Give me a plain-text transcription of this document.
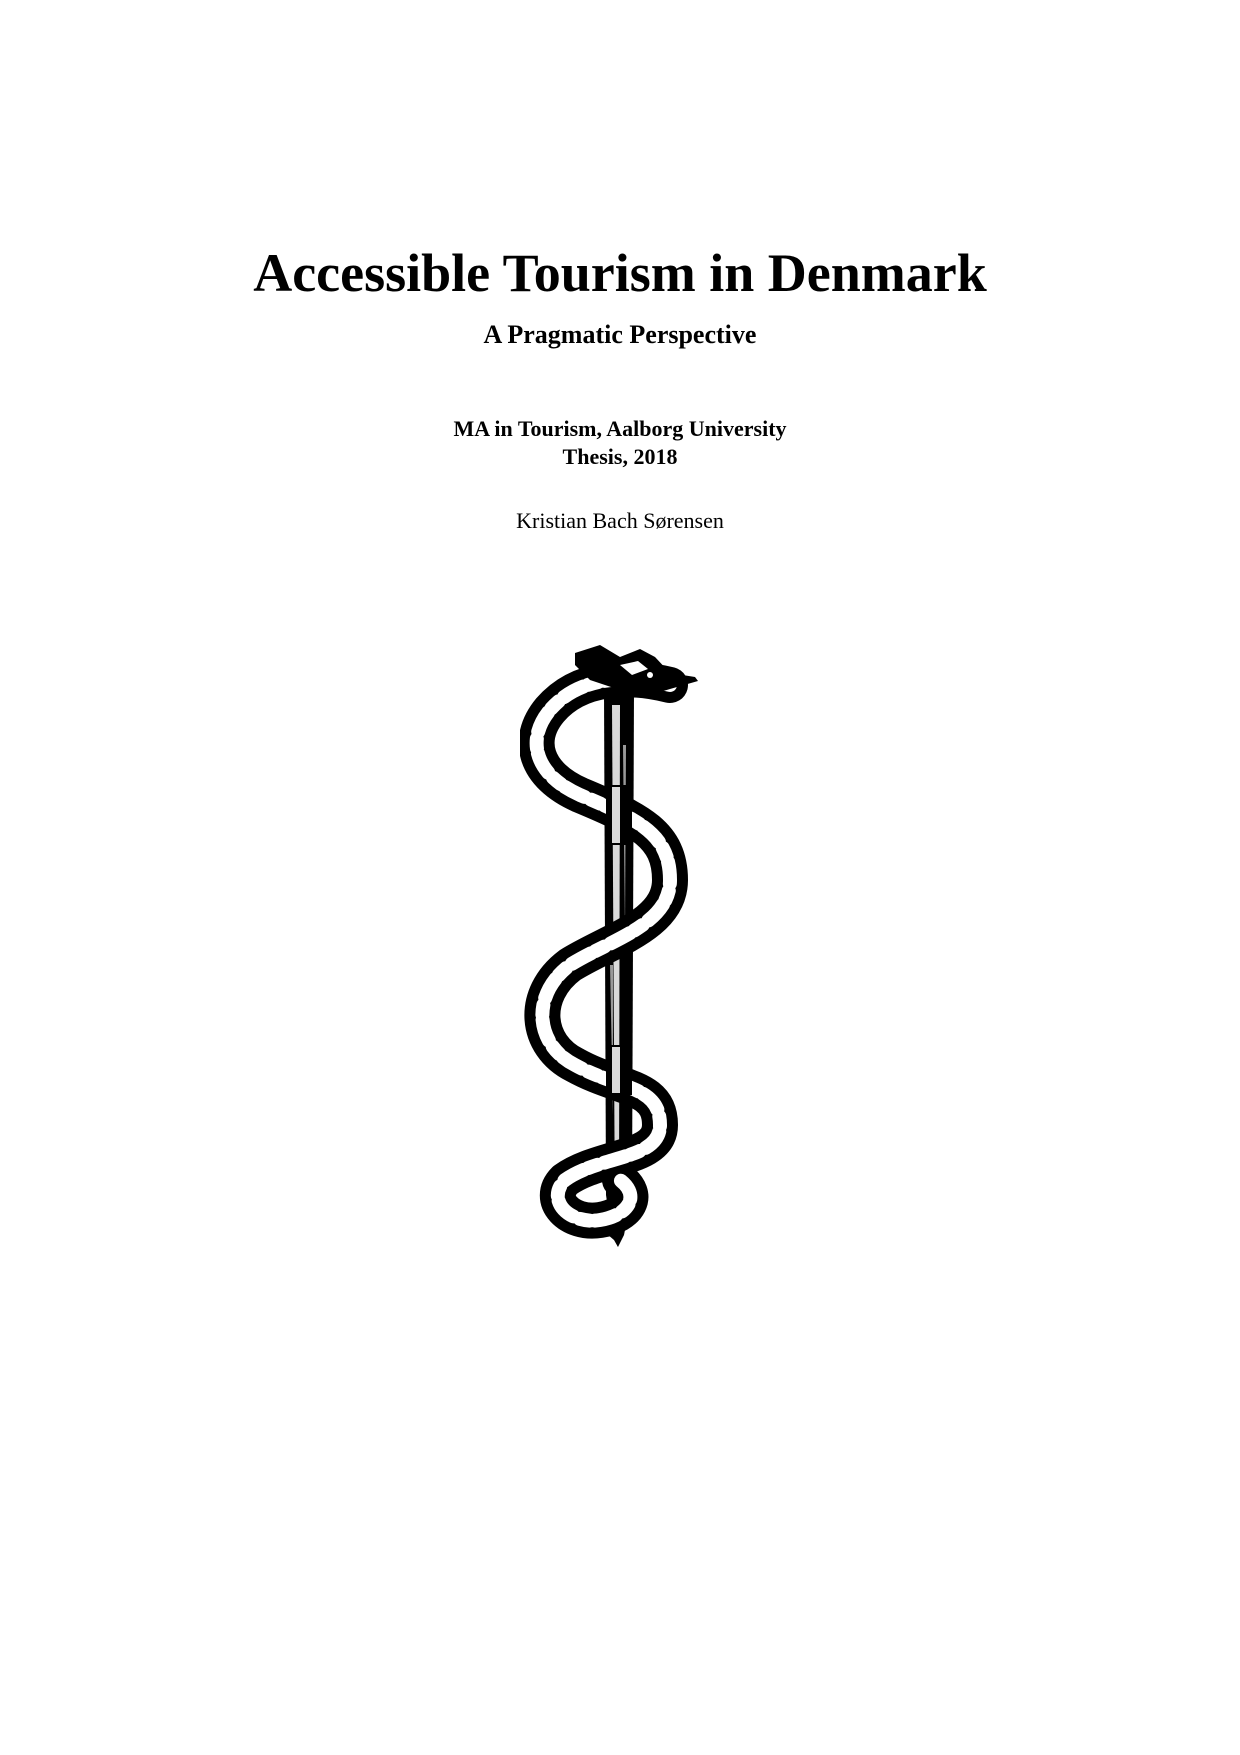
Accessible Tourism in Denmark
A Pragmatic Perspective
MA in Tourism, Aalborg University
Thesis, 2018
Kristian Bach Sørensen
